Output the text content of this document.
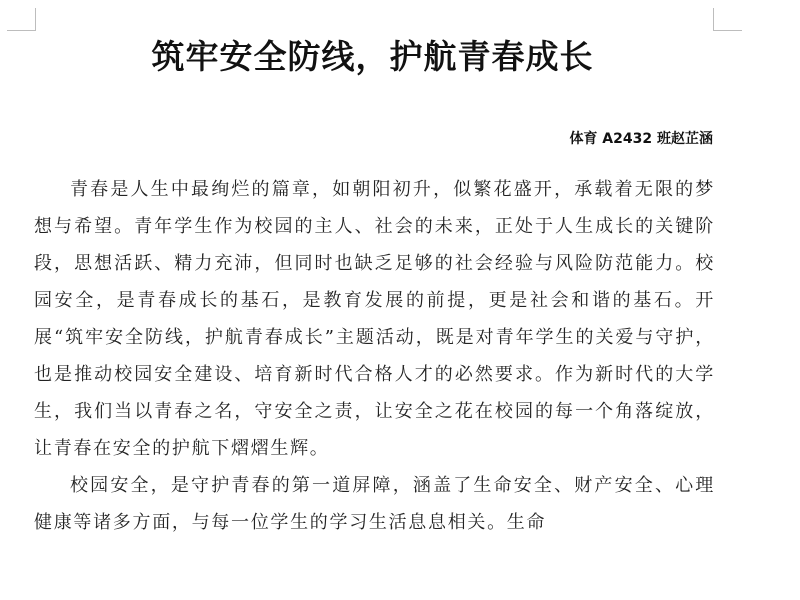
筑牢安全防线，护航青春成长
体育 A2432 班赵芷涵

青春是人生中最绚烂的篇章，如朝阳初升，似繁花盛开，承载着无限的梦想与希望。青年学生作为校园的主人、社会的未来，正处于人生成长的关键阶段，思想活跃、精力充沛，但同时也缺乏足够的社会经验与风险防范能力。校园安全，是青春成长的基石，是教育发展的前提，更是社会和谐的基石。开展“筑牢安全防线，护航青春成长”主题活动，既是对青年学生的关爱与守护，也是推动校园安全建设、培育新时代合格人才的必然要求。作为新时代的大学生，我们当以青春之名，守安全之责，让安全之花在校园的每一个角落绽放，让青春在安全的护航下熠熠生辉。

校园安全，是守护青春的第一道屏障，涵盖了生命安全、财产安全、心理健康等诸多方面，与每一位学生的学习生活息息相关。生命
